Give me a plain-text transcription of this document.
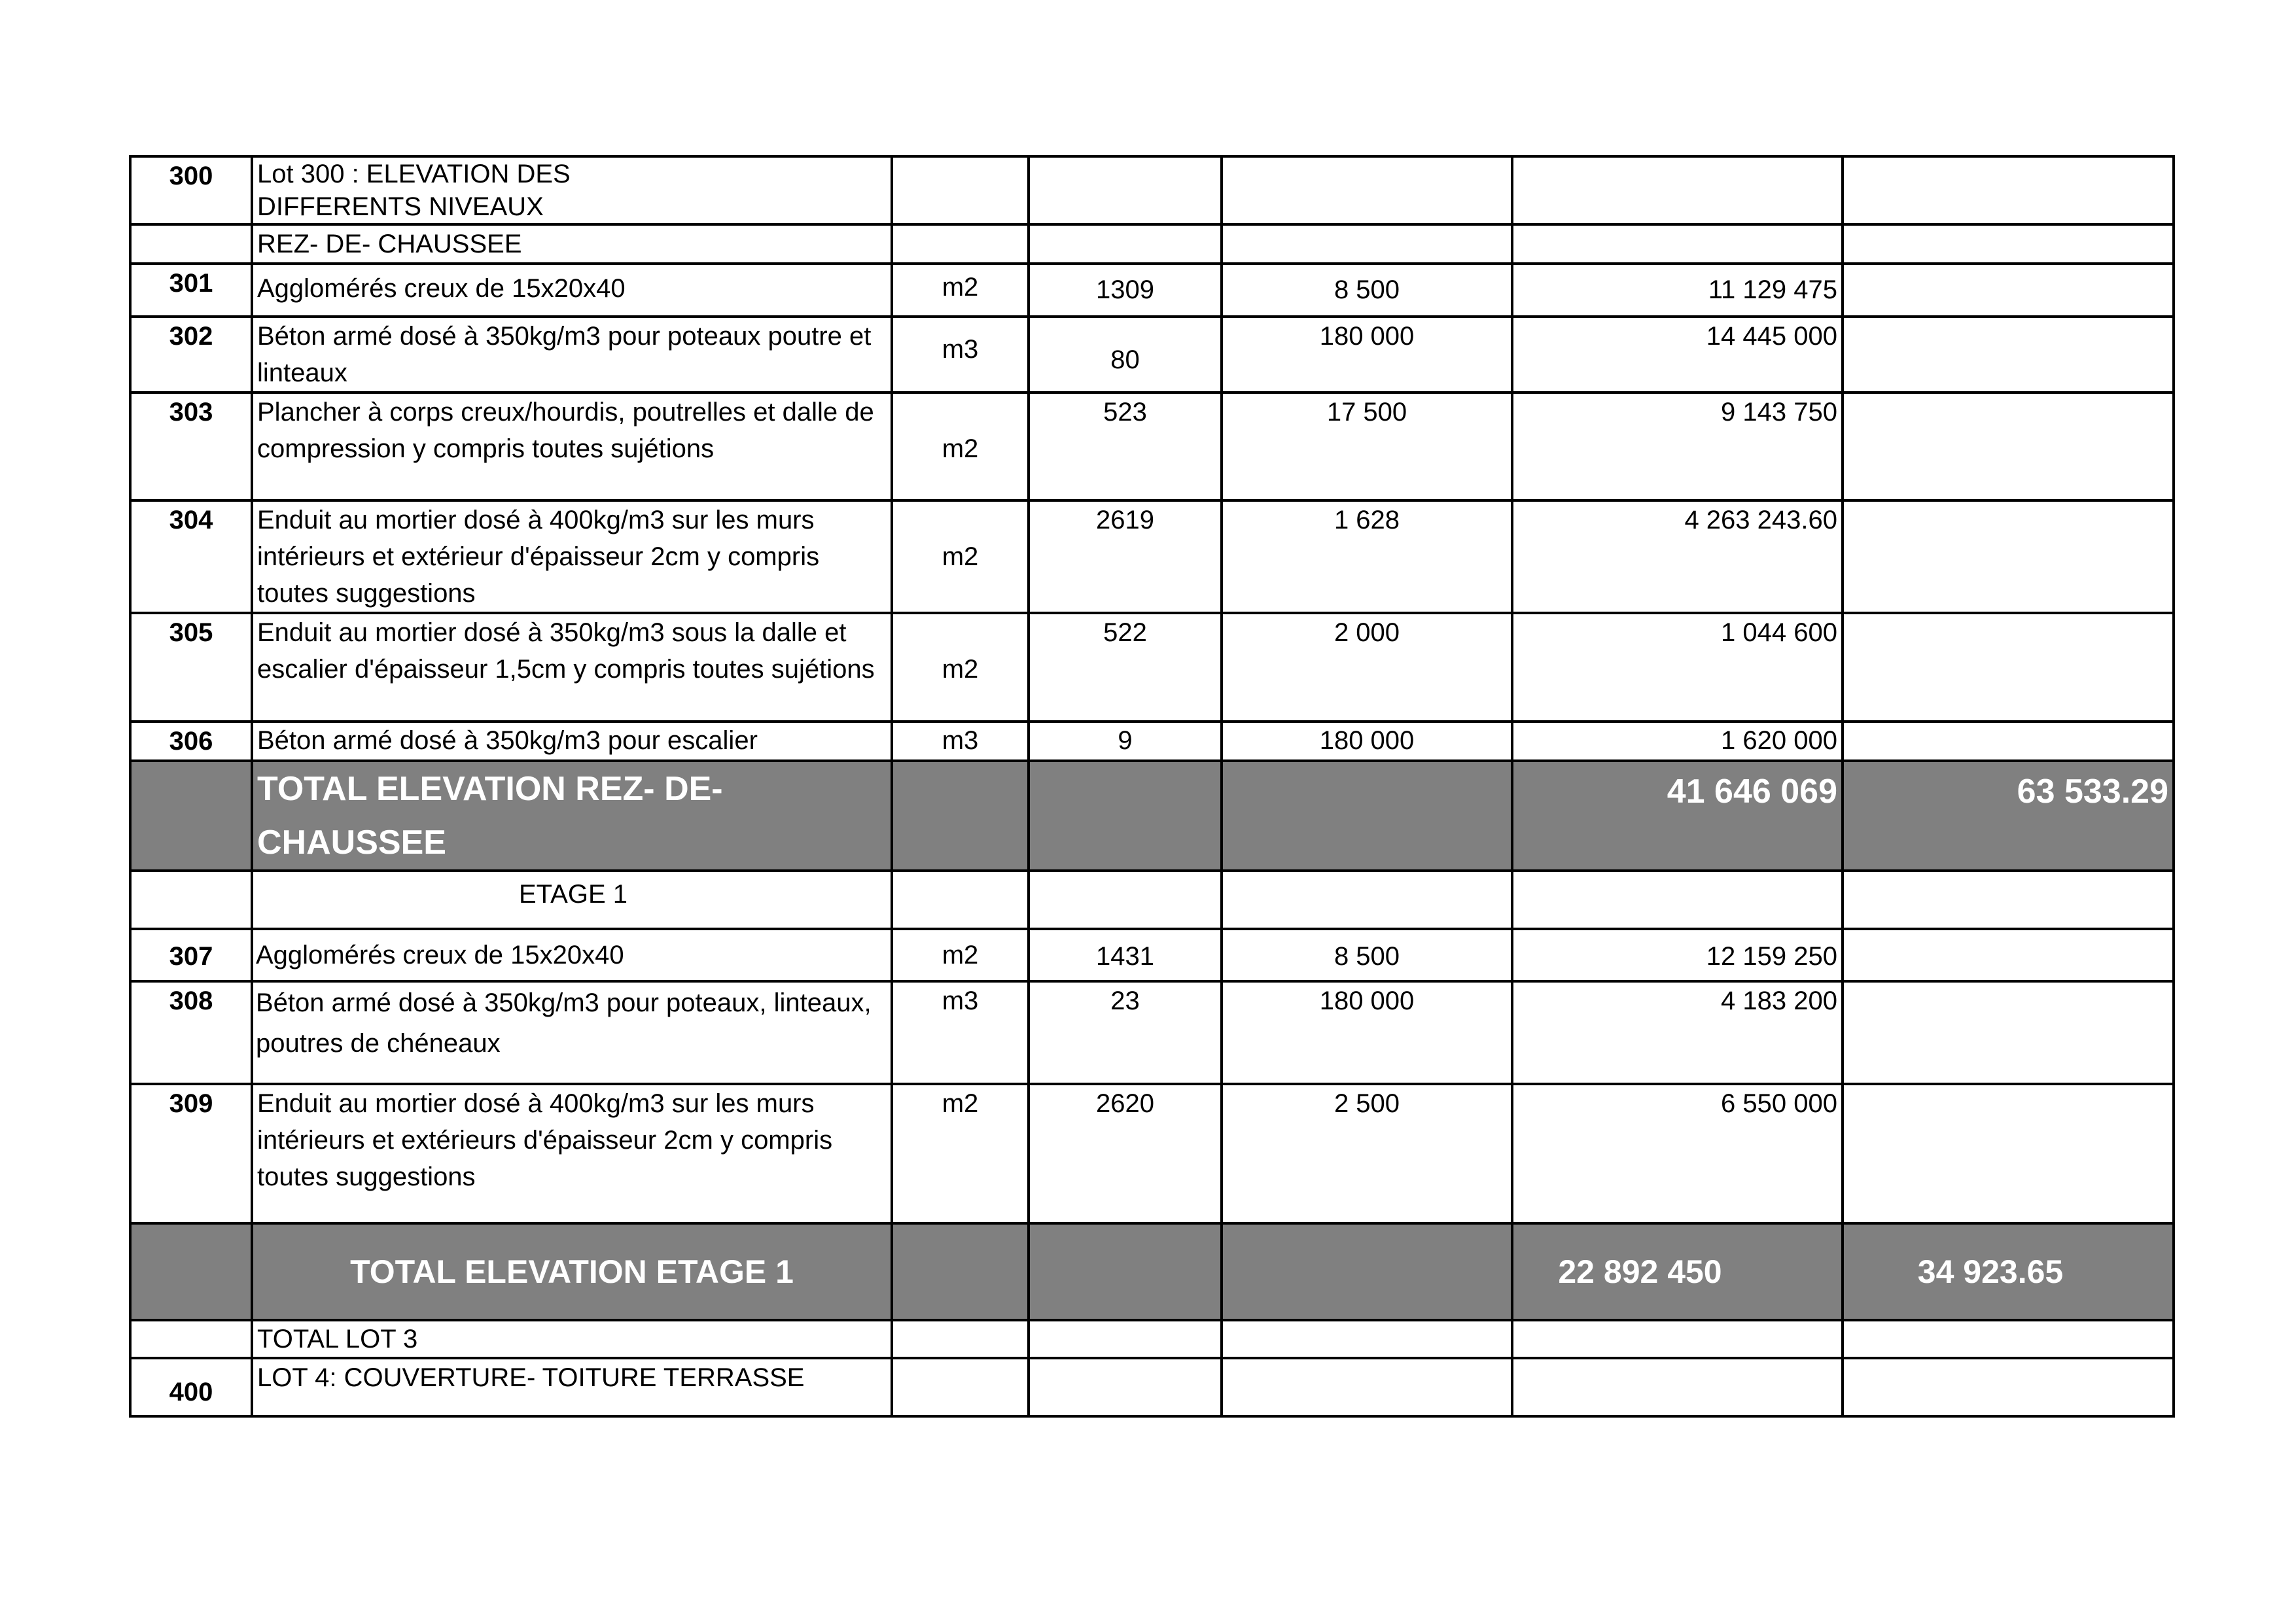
300	Lot 300 : ELEVATION DES
DIFFERENTS NIVEAUX					
	REZ- DE- CHAUSSEE					
301	Agglomérés creux de 15x20x40	m2	1309	8 500	11 129 475	
302	Béton armé dosé à 350kg/m3 pour poteaux poutre et linteaux	m3	80	180 000	14 445 000	
303	Plancher à corps creux/hourdis, poutrelles et dalle de compression y compris toutes sujétions	m2	523	17 500	9 143 750	
304	Enduit au mortier dosé à 400kg/m3 sur les murs intérieurs et extérieur d'épaisseur 2cm y compris toutes suggestions	m2	2619	1 628	4 263 243.60	
305	Enduit au mortier dosé à 350kg/m3 sous la dalle et escalier d'épaisseur 1,5cm y compris toutes sujétions	m2	522	2 000	1 044 600	
306	Béton armé dosé à 350kg/m3 pour escalier	m3	9	180 000	1 620 000	
	TOTAL ELEVATION REZ- DE-CHAUSSEE				41 646 069	63 533.29
	ETAGE 1					
307	Agglomérés creux de 15x20x40	m2	1431	8 500	12 159 250	
308	Béton armé dosé à 350kg/m3 pour poteaux, linteaux, poutres de chéneaux	m3	23	180 000	4 183 200	
309	Enduit au mortier dosé à 400kg/m3 sur les murs intérieurs et extérieurs d'épaisseur 2cm y compris toutes suggestions	m2	2620	2 500	6 550 000	
	TOTAL ELEVATION ETAGE 1				22 892 450	34 923.65
	TOTAL LOT 3					
400	LOT 4: COUVERTURE- TOITURE TERRASSE					
